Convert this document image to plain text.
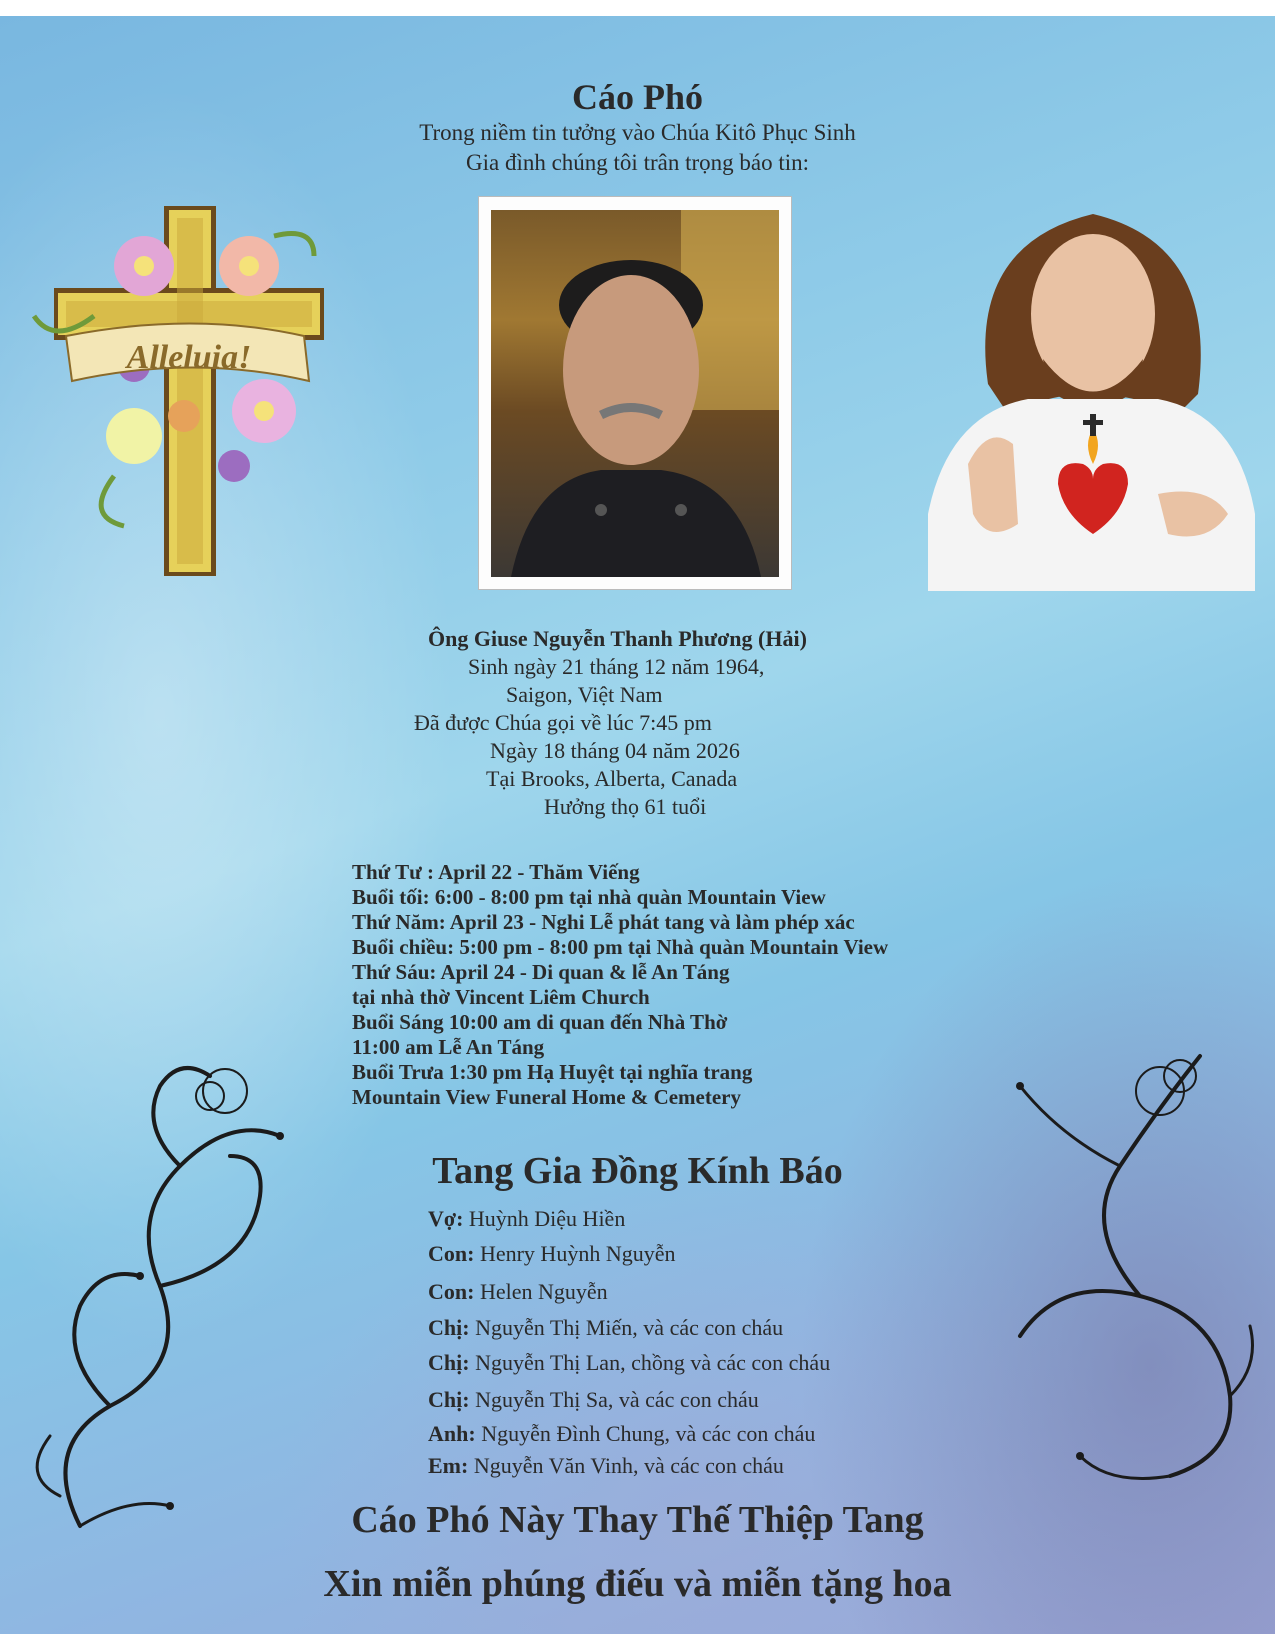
Cáo Phó
Trong niềm tin tưởng vào Chúa Kitô Phục Sinh
Gia đình chúng tôi trân trọng báo tin:
Alleluia!
Ông Giuse Nguyễn Thanh Phương (Hải)
Sinh ngày 21 tháng 12 năm 1964,
Saigon, Việt Nam
Đã được Chúa gọi về lúc 7:45 pm
Ngày 18 tháng 04 năm 2026
Tại Brooks, Alberta, Canada
Hưởng thọ 61 tuổi
Thứ Tư : April 22 - Thăm Viếng
Buổi tối: 6:00 - 8:00 pm tại nhà quàn Mountain View
Thứ Năm: April 23 - Nghi Lễ phát tang và làm phép xác
Buổi chiều: 5:00 pm - 8:00 pm tại Nhà quàn Mountain View
Thứ Sáu: April 24 - Di quan & lễ An Táng
tại nhà thờ Vincent Liêm Church
Buổi Sáng 10:00 am di quan đến Nhà Thờ
11:00 am Lễ An Táng
Buổi Trưa 1:30 pm Hạ Huyệt tại nghĩa trang
Mountain View Funeral Home & Cemetery
Tang Gia Đồng Kính Báo
Vợ: Huỳnh Diệu Hiền
Con: Henry Huỳnh Nguyễn
Con: Helen Nguyễn
Chị: Nguyễn Thị Miến, và các con cháu
Chị: Nguyễn Thị Lan, chồng và các con cháu
Chị: Nguyễn Thị Sa, và các con cháu
Anh: Nguyễn Đình Chung, và các con cháu
Em: Nguyễn Văn Vinh, và các con cháu
Cáo Phó Này Thay Thế Thiệp Tang
Xin miễn phúng điếu và miễn tặng hoa
